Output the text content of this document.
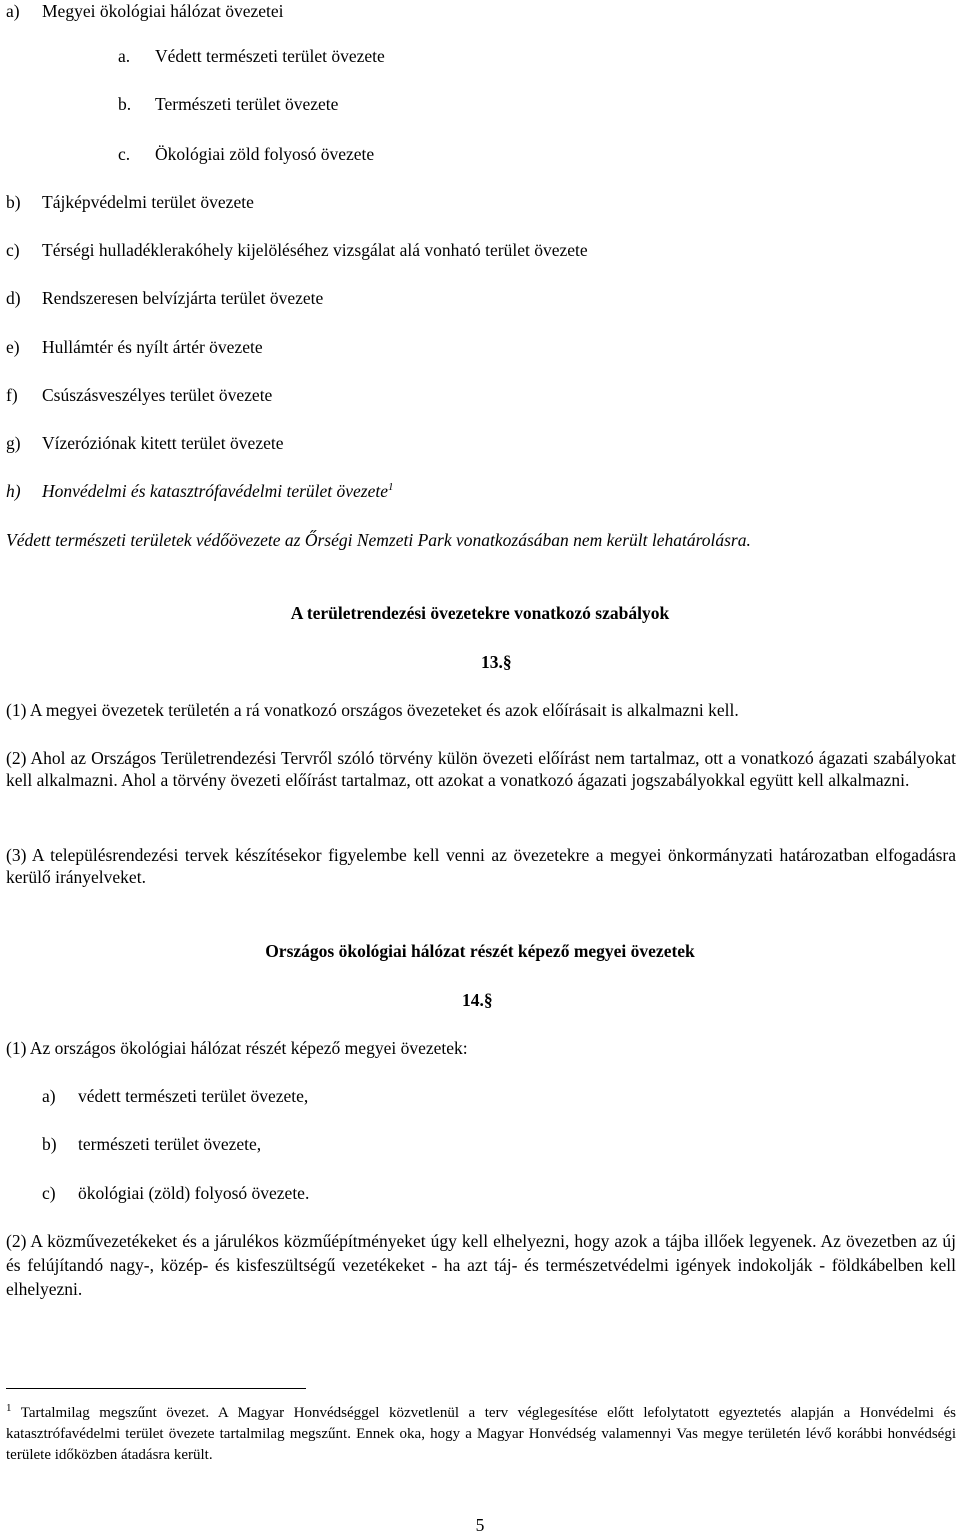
a) Megyei ökológiai hálózat övezetei
a. Védett természeti terület övezete
b. Természeti terület övezete
c. Ökológiai zöld folyosó övezete
b) Tájképvédelmi terület övezete
c) Térségi hulladéklerakóhely kijelöléséhez vizsgálat alá vonható terület övezete
d) Rendszeresen belvízjárta terület övezete
e) Hullámtér és nyílt ártér övezete
f) Csúszásveszélyes terület övezete
g) Vízeróziónak kitett terület övezete
h) Honvédelmi és katasztrófavédelmi terület övezete$^1$
Védett természeti területek védőövezete az Őrségi Nemzeti Park vonatkozásában nem került lehatárolásra.
A területrendezési övezetekre vonatkozó szabályok
13.§
(1) A megyei övezetek területén a rá vonatkozó országos övezeteket és azok előírásait is alkalmazni kell.
(2) Ahol az Országos Területrendezési Tervről szóló törvény külön övezeti előírást nem tartalmaz, ott a vonatkozó ágazati szabályokat kell alkalmazni. Ahol a törvény övezeti előírást tartalmaz, ott azokat a vonatkozó ágazati jogszabályokkal együtt kell alkalmazni.
(3) A településrendezési tervek készítésekor figyelembe kell venni az övezetekre a megyei önkormányzati határozatban elfogadásra kerülő irányelveket.
Országos ökológiai hálózat részét képező megyei övezetek
14.§
(1) Az országos ökológiai hálózat részét képező megyei övezetek:
a) védett természeti terület övezete,
b) természeti terület övezete,
c) ökológiai (zöld) folyosó övezete.
(2) A közművezetékeket és a járulékos közműépítményeket úgy kell elhelyezni, hogy azok a tájba illőek legyenek. Az övezetben az új és felújítandó nagy-, közép- és kisfeszültségű vezetékeket - ha azt táj- és természetvédelmi igények indokolják - földkábelben kell elhelyezni.
$^1$ Tartalmilag megszűnt övezet. A Magyar Honvédséggel közvetlenül a terv véglegesítése előtt lefolytatott egyeztetés alapján a Honvédelmi és katasztrófavédelmi terület övezete tartalmilag megszűnt. Ennek oka, hogy a Magyar Honvédség valamennyi Vas megye területén lévő korábbi honvédségi területe időközben átadásra került.
5
